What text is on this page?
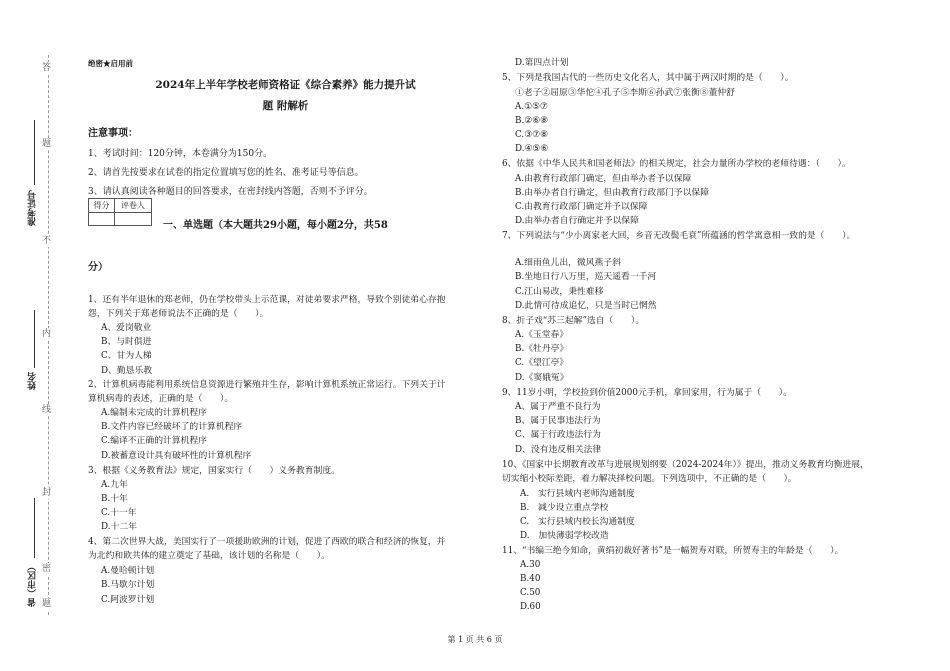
答
题
不
内
线
封
密
题
准考证号
姓名
省（市区）
绝密★启用前
2024年上半年学校老师资格证《综合素养》能力提升试
题 附解析
注意事项：
1、考试时间：120分钟，本卷满分为150分。
2、请首先按要求在试卷的指定位置填写您的姓名、准考证号等信息。
3、请认真阅读各种题目的回答要求，在密封线内答题，否则不予评分。
得分	评卷人
一、单选题（本大题共29小题，每小题2分，共58
分）
1、还有半年退休的郑老师，仍在学校带头上示范课，对徒弟要求严格，导致个别徒弟心存抱
怨，下列关于郑老师说法不正确的是（　　）。
A、爱岗敬业
B、与时俱进
C、甘为人梯
D、勤恳乐教
2、计算机病毒能利用系统信息资源进行繁殖并生存，影响计算机系统正常运行。下列关于计
算机病毒的表述，正确的是（　　）。
A.编制未完成的计算机程序
B.文件内容已经破坏了的计算机程序
C.编译不正确的计算机程序
D.被蓄意设计具有破坏性的计算机程序
3、根据《义务教育法》规定，国家实行（　　）义务教育制度。
A.九年
B.十年
C.十一年
D.十二年
4、第二次世界大战，美国实行了一项援助欧洲的计划，促进了西欧的联合和经济的恢复，并
为北约和欧共体的建立奠定了基础，该计划的名称是（　　）。
A.曼哈顿计划
B.马歇尔计划
C.阿波罗计划
D.第四点计划
5、下列是我国古代的一些历史文化名人，其中属于两汉时期的是（　　）。
①老子②屈原③华佗④孔子⑤李斯⑥孙武⑦张衡⑧董仲舒
A.①⑤⑦
B.②⑥⑧
C.③⑦⑧
D.④⑤⑥
6、依据《中华人民共和国老师法》的相关规定，社会力量所办学校的老师待遇：（　　）。
A.由教育行政部门确定，但由举办者予以保障
B.由举办者自行确定，但由教育行政部门予以保障
C.由教育行政部门确定并予以保障
D.由举办者自行确定并予以保障
7、下列说法与“少小离家老大回，乡音无改鬓毛衰”所蕴涵的哲学寓意相一致的是（　　）。
A.细雨鱼儿出，微风燕子斜
B.坐地日行八万里，巡天遥看一千河
C.江山易改，秉性难移
D.此情可待成追忆，只是当时已惘然
8、折子戏“苏三起解”选自（　　）。
A.《玉堂春》
B.《牡丹亭》
C.《望江亭》
D.《窦娥冤》
9、11岁小明，学校捡到价值2000元手机，拿回家用，行为属于（　　）。
A、属于严重不良行为
B、属于民事违法行为
C、属于行政违法行为
D、没有违反相关法律
10、《国家中长期教育改革与进展规划纲要（2024-2024年）》提出，推动义务教育均衡进展，
切实缩小校际差距，着力解决择校问题。下列选项中，不正确的是（　　）。
A.　实行县域内老师沟通制度
B.　减少设立重点学校
C.　实行县域内校长沟通制度
D.　加快薄弱学校改造
11、“书编三绝今知命，黄绢初裁好著书”是一幅贺寿对联，所贺寿主的年龄是（　　）。
A.30
B.40
C.50
D.60
第 1 页 共 6 页
